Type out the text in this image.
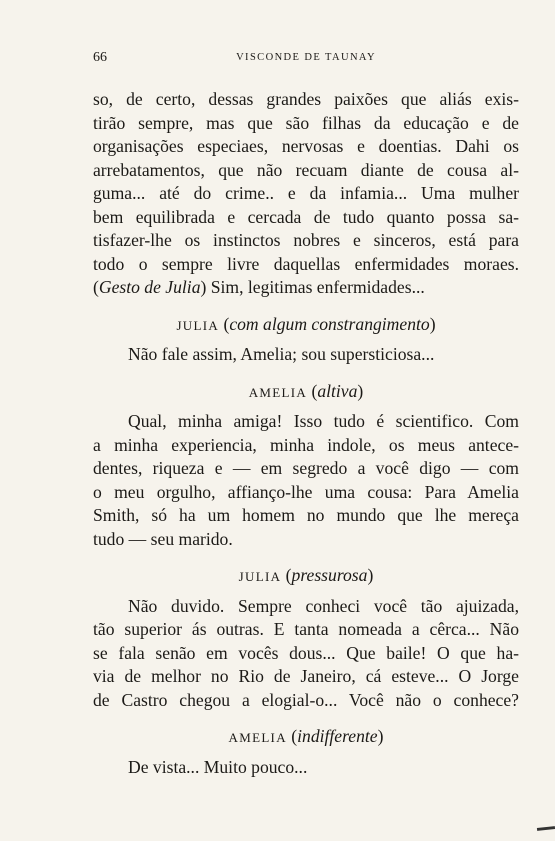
66	VISCONDE DE TAUNAY
so, de certo, dessas grandes paixões que aliás exis-
tirão sempre, mas que são filhas da educação e de
organisações especiaes, nervosas e doentias. Dahi os
arrebatamentos, que não recuam diante de cousa al-
guma... até do crime.. e da infamia... Uma mulher
bem equilibrada e cercada de tudo quanto possa sa-
tisfazer-lhe os instinctos nobres e sinceros, está para
todo o sempre livre daquellas enfermidades moraes.
(Gesto de Julia) Sim, legitimas enfermidades...
JULIA (com algum constrangimento)
Não fale assim, Amelia; sou supersticiosa...
AMELIA (altiva)
Qual, minha amiga! Isso tudo é scientifico. Com
a minha experiencia, minha indole, os meus antece-
dentes, riqueza e — em segredo a você digo — com
o meu orgulho, affianço-lhe uma cousa: Para Amelia
Smith, só ha um homem no mundo que lhe mereça
tudo — seu marido.
JULIA (pressurosa)
Não duvido. Sempre conheci você tão ajuizada,
tão superior ás outras. E tanta nomeada a cêrca... Não
se fala senão em vocês dous... Que baile! O que ha-
via de melhor no Rio de Janeiro, cá esteve... O Jorge
de Castro chegou a elogial-o... Você não o conhece?
AMELIA (indifferente)
De vista... Muito pouco...
